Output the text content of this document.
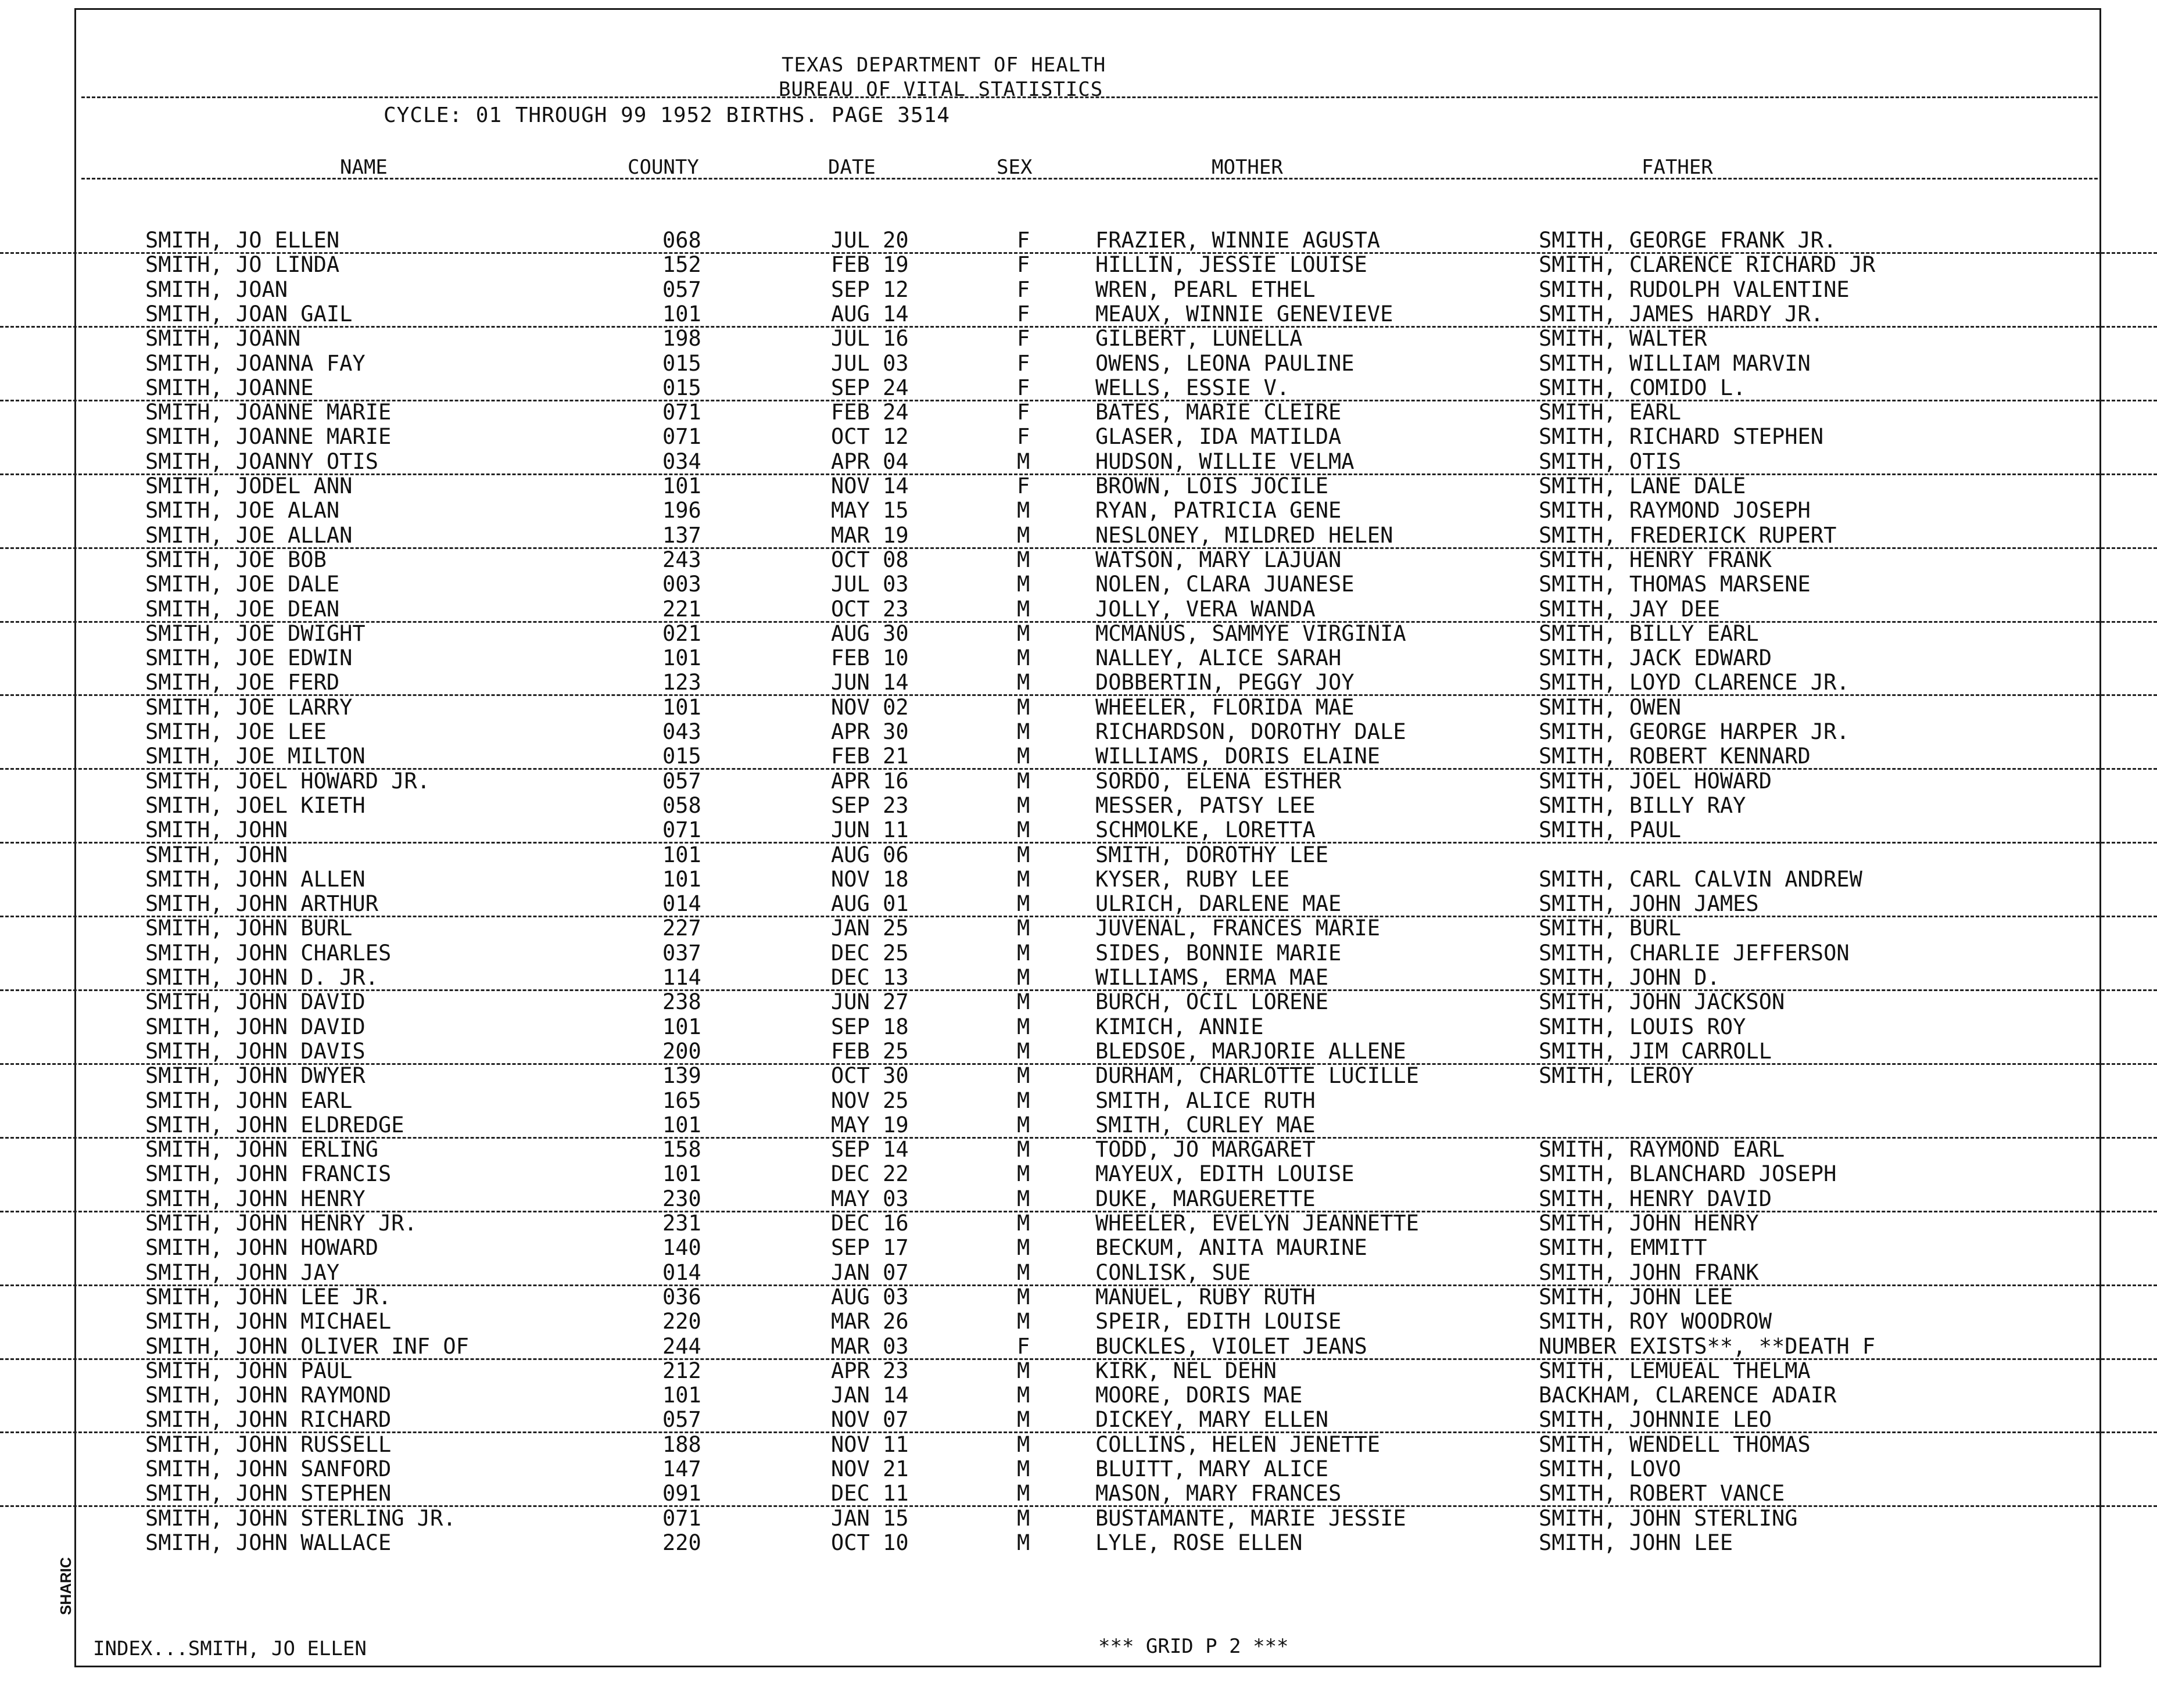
TEXAS DEPARTMENT OF HEALTH
BUREAU OF VITAL STATISTICS
CYCLE: 01 THROUGH 99 1952 BIRTHS. PAGE 3514
NAME	COUNTY	DATE	SEX	MOTHER	FATHER
SMITH, JO ELLEN	068	JUL 20	F	FRAZIER, WINNIE AGUSTA	SMITH, GEORGE FRANK JR.
SMITH, JO LINDA	152	FEB 19	F	HILLIN, JESSIE LOUISE	SMITH, CLARENCE RICHARD JR
SMITH, JOAN	057	SEP 12	F	WREN, PEARL ETHEL	SMITH, RUDOLPH VALENTINE
SMITH, JOAN GAIL	101	AUG 14	F	MEAUX, WINNIE GENEVIEVE	SMITH, JAMES HARDY JR.
SMITH, JOANN	198	JUL 16	F	GILBERT, LUNELLA	SMITH, WALTER
SMITH, JOANNA FAY	015	JUL 03	F	OWENS, LEONA PAULINE	SMITH, WILLIAM MARVIN
SMITH, JOANNE	015	SEP 24	F	WELLS, ESSIE V.	SMITH, COMIDO L.
SMITH, JOANNE MARIE	071	FEB 24	F	BATES, MARIE CLEIRE	SMITH, EARL
SMITH, JOANNE MARIE	071	OCT 12	F	GLASER, IDA MATILDA	SMITH, RICHARD STEPHEN
SMITH, JOANNY OTIS	034	APR 04	M	HUDSON, WILLIE VELMA	SMITH, OTIS
SMITH, JODEL ANN	101	NOV 14	F	BROWN, LOIS JOCILE	SMITH, LANE DALE
SMITH, JOE ALAN	196	MAY 15	M	RYAN, PATRICIA GENE	SMITH, RAYMOND JOSEPH
SMITH, JOE ALLAN	137	MAR 19	M	NESLONEY, MILDRED HELEN	SMITH, FREDERICK RUPERT
SMITH, JOE BOB	243	OCT 08	M	WATSON, MARY LAJUAN	SMITH, HENRY FRANK
SMITH, JOE DALE	003	JUL 03	M	NOLEN, CLARA JUANESE	SMITH, THOMAS MARSENE
SMITH, JOE DEAN	221	OCT 23	M	JOLLY, VERA WANDA	SMITH, JAY DEE
SMITH, JOE DWIGHT	021	AUG 30	M	MCMANUS, SAMMYE VIRGINIA	SMITH, BILLY EARL
SMITH, JOE EDWIN	101	FEB 10	M	NALLEY, ALICE SARAH	SMITH, JACK EDWARD
SMITH, JOE FERD	123	JUN 14	M	DOBBERTIN, PEGGY JOY	SMITH, LOYD CLARENCE JR.
SMITH, JOE LARRY	101	NOV 02	M	WHEELER, FLORIDA MAE	SMITH, OWEN
SMITH, JOE LEE	043	APR 30	M	RICHARDSON, DOROTHY DALE	SMITH, GEORGE HARPER JR.
SMITH, JOE MILTON	015	FEB 21	M	WILLIAMS, DORIS ELAINE	SMITH, ROBERT KENNARD
SMITH, JOEL HOWARD JR.	057	APR 16	M	SORDO, ELENA ESTHER	SMITH, JOEL HOWARD
SMITH, JOEL KIETH	058	SEP 23	M	MESSER, PATSY LEE	SMITH, BILLY RAY
SMITH, JOHN	071	JUN 11	M	SCHMOLKE, LORETTA	SMITH, PAUL
SMITH, JOHN	101	AUG 06	M	SMITH, DOROTHY LEE
SMITH, JOHN ALLEN	101	NOV 18	M	KYSER, RUBY LEE	SMITH, CARL CALVIN ANDREW
SMITH, JOHN ARTHUR	014	AUG 01	M	ULRICH, DARLENE MAE	SMITH, JOHN JAMES
SMITH, JOHN BURL	227	JAN 25	M	JUVENAL, FRANCES MARIE	SMITH, BURL
SMITH, JOHN CHARLES	037	DEC 25	M	SIDES, BONNIE MARIE	SMITH, CHARLIE JEFFERSON
SMITH, JOHN D. JR.	114	DEC 13	M	WILLIAMS, ERMA MAE	SMITH, JOHN D.
SMITH, JOHN DAVID	238	JUN 27	M	BURCH, OCIL LORENE	SMITH, JOHN JACKSON
SMITH, JOHN DAVID	101	SEP 18	M	KIMICH, ANNIE	SMITH, LOUIS ROY
SMITH, JOHN DAVIS	200	FEB 25	M	BLEDSOE, MARJORIE ALLENE	SMITH, JIM CARROLL
SMITH, JOHN DWYER	139	OCT 30	M	DURHAM, CHARLOTTE LUCILLE	SMITH, LEROY
SMITH, JOHN EARL	165	NOV 25	M	SMITH, ALICE RUTH
SMITH, JOHN ELDREDGE	101	MAY 19	M	SMITH, CURLEY MAE
SMITH, JOHN ERLING	158	SEP 14	M	TODD, JO MARGARET	SMITH, RAYMOND EARL
SMITH, JOHN FRANCIS	101	DEC 22	M	MAYEUX, EDITH LOUISE	SMITH, BLANCHARD JOSEPH
SMITH, JOHN HENRY	230	MAY 03	M	DUKE, MARGUERETTE	SMITH, HENRY DAVID
SMITH, JOHN HENRY JR.	231	DEC 16	M	WHEELER, EVELYN JEANNETTE	SMITH, JOHN HENRY
SMITH, JOHN HOWARD	140	SEP 17	M	BECKUM, ANITA MAURINE	SMITH, EMMITT
SMITH, JOHN JAY	014	JAN 07	M	CONLISK, SUE	SMITH, JOHN FRANK
SMITH, JOHN LEE JR.	036	AUG 03	M	MANUEL, RUBY RUTH	SMITH, JOHN LEE
SMITH, JOHN MICHAEL	220	MAR 26	M	SPEIR, EDITH LOUISE	SMITH, ROY WOODROW
SMITH, JOHN OLIVER INF OF	244	MAR 03	F	BUCKLES, VIOLET JEANS	NUMBER EXISTS**, **DEATH F
SMITH, JOHN PAUL	212	APR 23	M	KIRK, NEL DEHN	SMITH, LEMUEAL THELMA
SMITH, JOHN RAYMOND	101	JAN 14	M	MOORE, DORIS MAE	BACKHAM, CLARENCE ADAIR
SMITH, JOHN RICHARD	057	NOV 07	M	DICKEY, MARY ELLEN	SMITH, JOHNNIE LEO
SMITH, JOHN RUSSELL	188	NOV 11	M	COLLINS, HELEN JENETTE	SMITH, WENDELL THOMAS
SMITH, JOHN SANFORD	147	NOV 21	M	BLUITT, MARY ALICE	SMITH, LOVO
SMITH, JOHN STEPHEN	091	DEC 11	M	MASON, MARY FRANCES	SMITH, ROBERT VANCE
SMITH, JOHN STERLING JR.	071	JAN 15	M	BUSTAMANTE, MARIE JESSIE	SMITH, JOHN STERLING
SMITH, JOHN WALLACE	220	OCT 10	M	LYLE, ROSE ELLEN	SMITH, JOHN LEE
INDEX...SMITH, JO ELLEN	*** GRID P 2 ***
SHARIC
